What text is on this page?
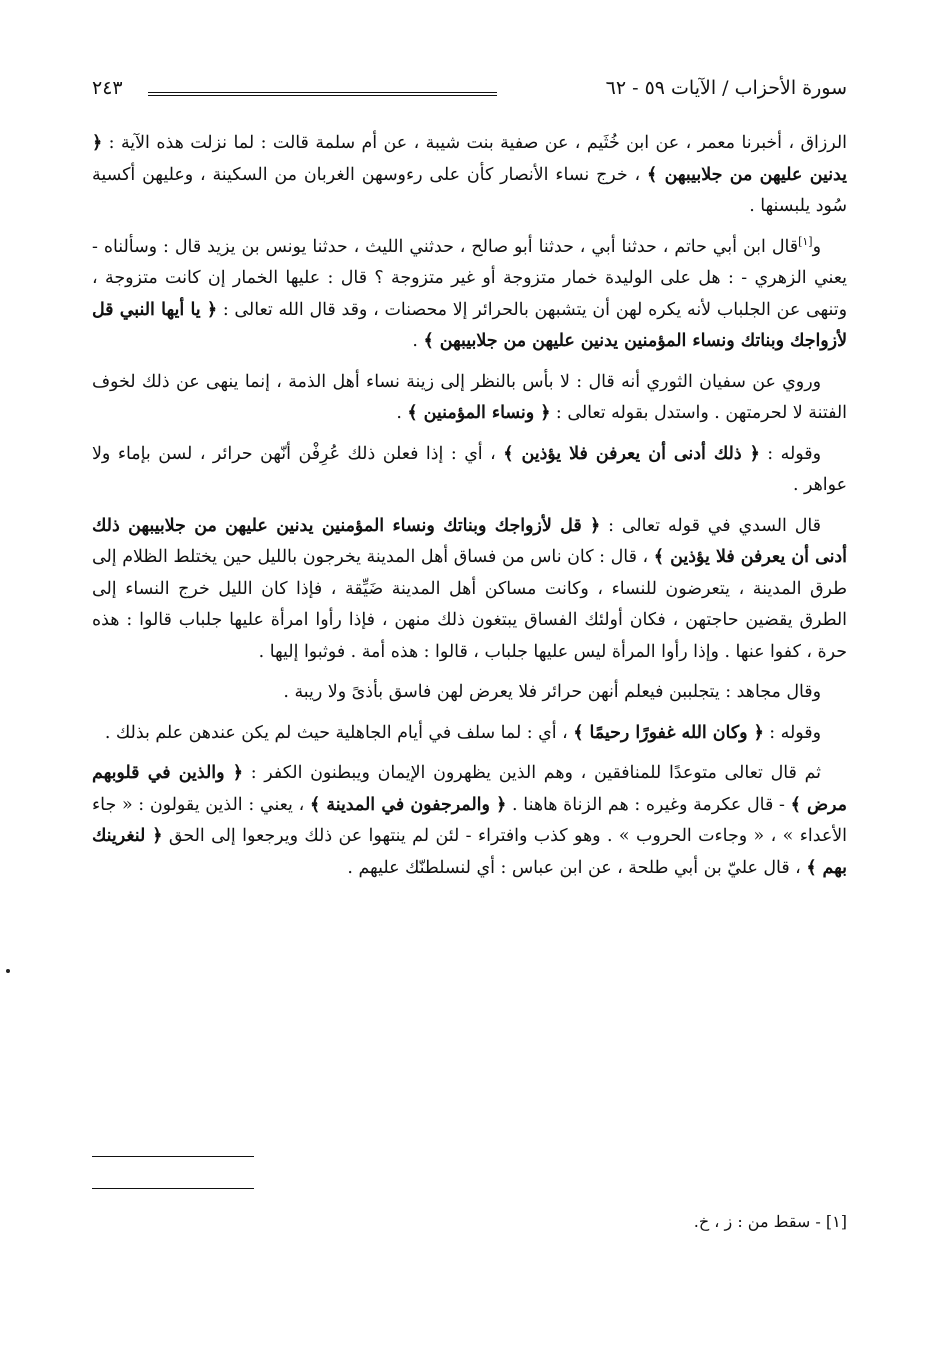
سورة الأحزاب / الآيات ٥٩ - ٦٢
٢٤٣

الرزاق ، أخبرنا معمر ، عن ابن خُثَيم ، عن صفية بنت شيبة ، عن أم سلمة قالت : لما نزلت هذه الآية : ﴿ يدنين عليهن من جلابيبهن ﴾ ، خرج نساء الأنصار كأن على رءوسهن الغربان من السكينة ، وعليهن أكسية سُود يلبسنها .

و[١]قال ابن أبي حاتم ، حدثنا أبي ، حدثنا أبو صالح ، حدثني الليث ، حدثنا يونس بن يزيد قال : وسألناه - يعني الزهري - : هل على الوليدة خمار متزوجة أو غير متزوجة ؟ قال : عليها الخمار إن كانت متزوجة ، وتنهى عن الجلباب لأنه يكره لهن أن يتشبهن بالحرائر إلا محصنات ، وقد قال الله تعالى : ﴿ يا أيها النبي قل لأزواجك وبناتك ونساء المؤمنين يدنين عليهن من جلابيبهن ﴾ .

وروي عن سفيان الثوري أنه قال : لا بأس بالنظر إلى زينة نساء أهل الذمة ، إنما ينهى عن ذلك لخوف الفتنة لا لحرمتهن . واستدل بقوله تعالى : ﴿ ونساء المؤمنين ﴾ .

وقوله : ﴿ ذلك أدنى أن يعرفن فلا يؤذين ﴾ ، أي : إذا فعلن ذلك عُرِفْن أنّهن حرائر ، لسن بإماء ولا عواهر .

قال السدي في قوله تعالى : ﴿ قل لأزواجك وبناتك ونساء المؤمنين يدنين عليهن من جلابيبهن ذلك أدنى أن يعرفن فلا يؤذين ﴾ ، قال : كان ناس من فساق أهل المدينة يخرجون بالليل حين يختلط الظلام إلى طرق المدينة ، يتعرضون للنساء ، وكانت مساكن أهل المدينة ضَيِّقة ، فإذا كان الليل خرج النساء إلى الطرق يقضين حاجتهن ، فكان أولئك الفساق يبتغون ذلك منهن ، فإذا رأوا امرأة عليها جلباب قالوا : هذه حرة ، كفوا عنها . وإذا رأوا المرأة ليس عليها جلباب ، قالوا : هذه أمة . فوثبوا إليها .

وقال مجاهد : يتجلببن فيعلم أنهن حرائر فلا يعرض لهن فاسق بأذىً ولا ريبة .

وقوله : ﴿ وكان الله غفورًا رحيمًا ﴾ ، أي : لما سلف في أيام الجاهلية حيث لم يكن عندهن علم بذلك .

ثم قال تعالى متوعدًا للمنافقين ، وهم الذين يظهرون الإيمان ويبطنون الكفر : ﴿ والذين في قلوبهم مرض ﴾ - قال عكرمة وغيره : هم الزناة هاهنا . ﴿ والمرجفون في المدينة ﴾ ، يعني : الذين يقولون : « جاء الأعداء » ، « وجاءت الحروب » . وهو كذب وافتراء - لئن لم ينتهوا عن ذلك ويرجعوا إلى الحق ﴿ لنغرينك بهم ﴾ ، قال عليّ بن أبي طلحة ، عن ابن عباس : أي لنسلطنّك عليهم .

[١] - سقط من : ز ، خ.
